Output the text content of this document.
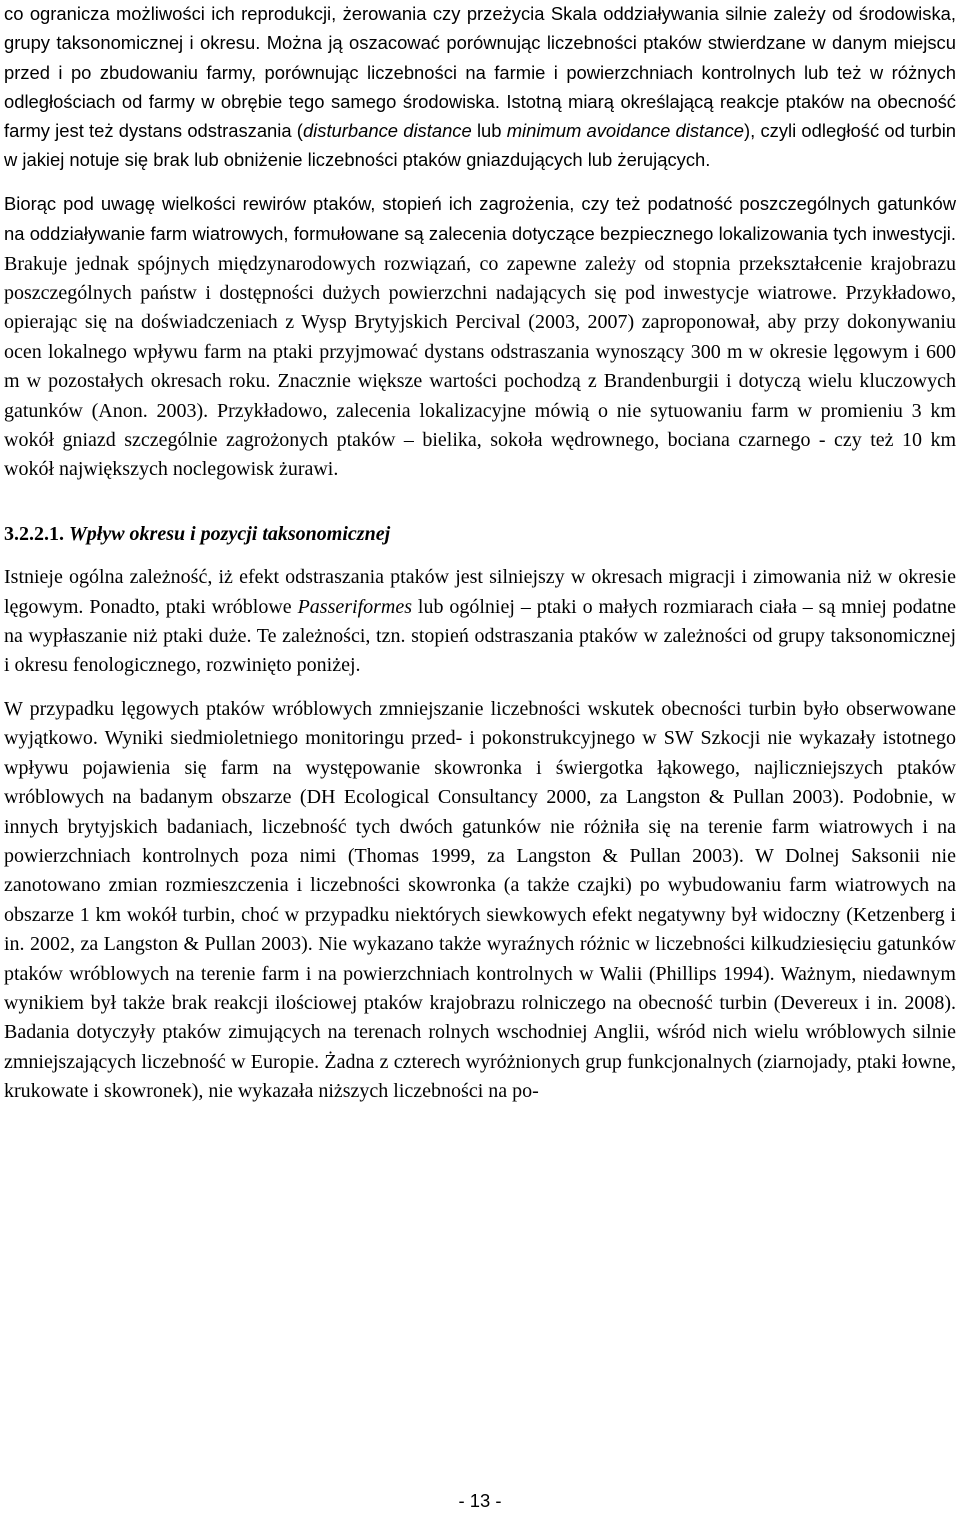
co ogranicza możliwości ich reprodukcji, żerowania czy przeżycia Skala oddziaływania silnie zależy od środowiska, grupy taksonomicznej i okresu. Można ją oszacować porównując liczebności ptaków stwierdzane w danym miejscu przed i po zbudowaniu farmy, porównując liczebności na farmie i powierzchniach kontrolnych lub też w różnych odległościach od farmy w obrębie tego samego środowiska. Istotną miarą określającą reakcje ptaków na obecność farmy jest też dystans odstraszania (disturbance distance lub minimum avoidance distance), czyli odległość od turbin w jakiej notuje się brak lub obniżenie liczebności ptaków gniazdujących lub żerujących.

Biorąc pod uwagę wielkości rewirów ptaków, stopień ich zagrożenia, czy też podatność poszczególnych gatunków na oddziaływanie farm wiatrowych, formułowane są zalecenia dotyczące bezpiecznego lokalizowania tych inwestycji. Brakuje jednak spójnych międzynarodowych rozwiązań, co zapewne zależy od stopnia przekształcenie krajobrazu poszczególnych państw i dostępności dużych powierzchni nadających się pod inwestycje wiatrowe. Przykładowo, opierając się na doświadczeniach z Wysp Brytyjskich Percival (2003, 2007) zaproponował, aby przy dokonywaniu ocen lokalnego wpływu farm na ptaki przyjmować dystans odstraszania wynoszący 300 m w okresie lęgowym i 600 m w pozostałych okresach roku. Znacznie większe wartości pochodzą z Brandenburgii i dotyczą wielu kluczowych gatunków (Anon. 2003). Przykładowo, zalecenia lokalizacyjne mówią o nie sytuowaniu farm w promieniu 3 km wokół gniazd szczególnie zagrożonych ptaków – bielika, sokoła wędrownego, bociana czarnego - czy też 10 km wokół największych noclegowisk żurawi.

3.2.2.1. Wpływ okresu i pozycji taksonomicznej

Istnieje ogólna zależność, iż efekt odstraszania ptaków jest silniejszy w okresach migracji i zimowania niż w okresie lęgowym. Ponadto, ptaki wróblowe Passeriformes lub ogólniej – ptaki o małych rozmiarach ciała – są mniej podatne na wypłaszanie niż ptaki duże. Te zależności, tzn. stopień odstraszania ptaków w zależności od grupy taksonomicznej i okresu fenologicznego, rozwinięto poniżej.

W przypadku lęgowych ptaków wróblowych zmniejszanie liczebności wskutek obecności turbin było obserwowane wyjątkowo. Wyniki siedmioletniego monitoringu przed- i pokonstrukcyjnego w SW Szkocji nie wykazały istotnego wpływu pojawienia się farm na występowanie skowronka i świergotka łąkowego, najliczniejszych ptaków wróblowych na badanym obszarze (DH Ecological Consultancy 2000, za Langston & Pullan 2003). Podobnie, w innych brytyjskich badaniach, liczebność tych dwóch gatunków nie różniła się na terenie farm wiatrowych i na powierzchniach kontrolnych poza nimi (Thomas 1999, za Langston & Pullan 2003). W Dolnej Saksonii nie zanotowano zmian rozmieszczenia i liczebności skowronka (a także czajki) po wybudowaniu farm wiatrowych na obszarze 1 km wokół turbin, choć w przypadku niektórych siewkowych efekt negatywny był widoczny (Ketzenberg i in. 2002, za Langston & Pullan 2003). Nie wykazano także wyraźnych różnic w liczebności kilkudziesięciu gatunków ptaków wróblowych na terenie farm i na powierzchniach kontrolnych w Walii (Phillips 1994). Ważnym, niedawnym wynikiem był także brak reakcji ilościowej ptaków krajobrazu rolniczego na obecność turbin (Devereux i in. 2008). Badania dotyczyły ptaków zimujących na terenach rolnych wschodniej Anglii, wśród nich wielu wróblowych silnie zmniejszających liczebność w Europie. Żadna z czterech wyróżnionych grup funkcjonalnych (ziarnojady, ptaki łowne, krukowate i skowronek), nie wykazała niższych liczebności na po-

- 13 -
